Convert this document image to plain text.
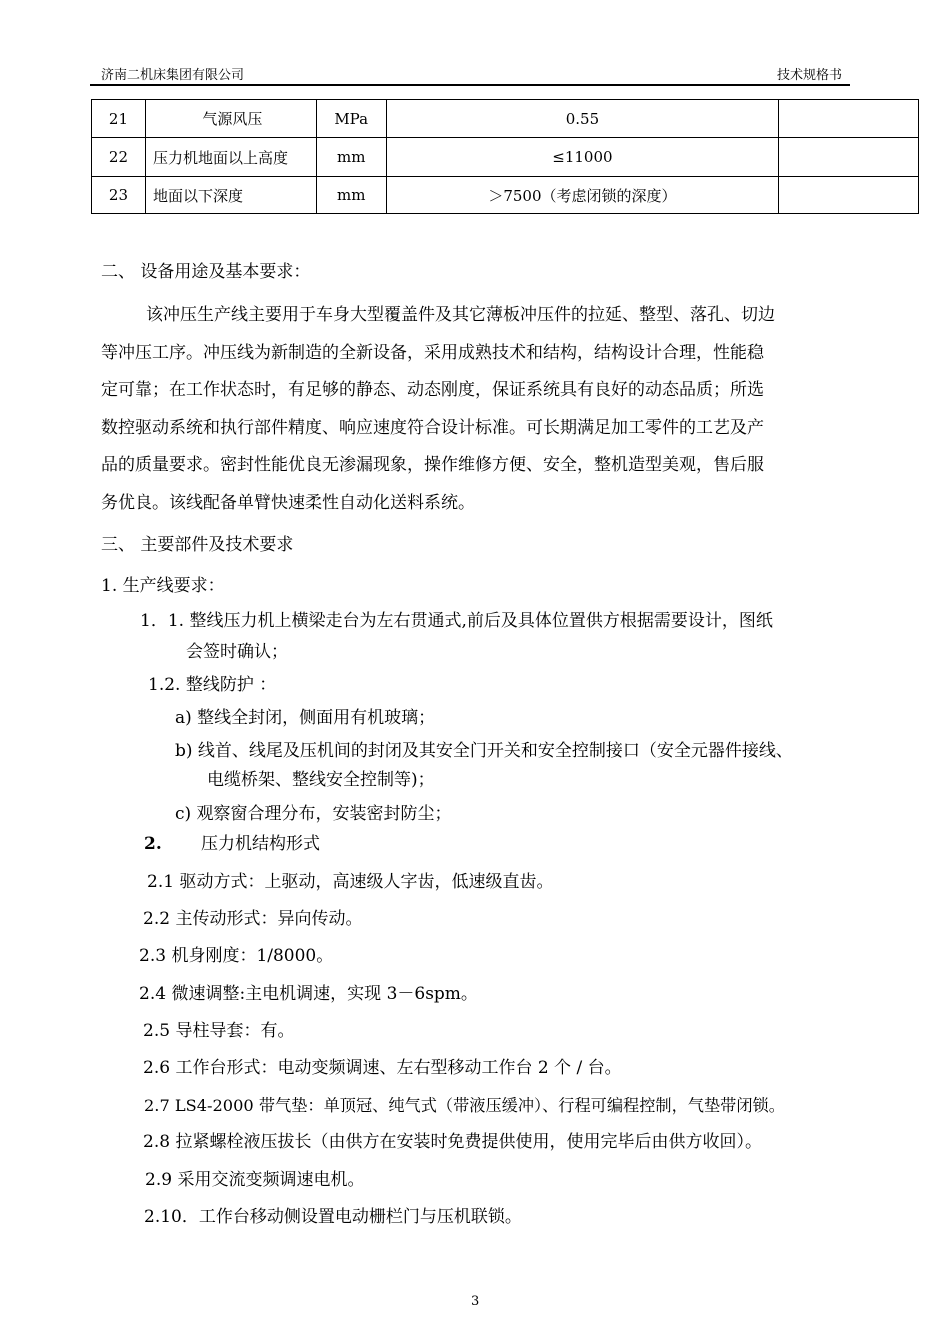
济南二机床集团有限公司	技术规格书
21	气源风压	MPa	0.55	
22	压力机地面以上高度	mm	≤11000	
23	地面以下深度	mm	＞7500（考虑闭锁的深度）	
二、 设备用途及基本要求：
该冲压生产线主要用于车身大型覆盖件及其它薄板冲压件的拉延、整型、落孔、切边
等冲压工序。冲压线为新制造的全新设备，采用成熟技术和结构，结构设计合理，性能稳
定可靠；在工作状态时，有足够的静态、动态刚度，保证系统具有良好的动态品质；所选
数控驱动系统和执行部件精度、响应速度符合设计标准。可长期满足加工零件的工艺及产
品的质量要求。密封性能优良无渗漏现象，操作维修方便、安全，整机造型美观，售后服
务优良。该线配备单臂快速柔性自动化送料系统。
三、 主要部件及技术要求
1. 生产线要求：
1．1. 整线压力机上横梁走台为左右贯通式,前后及具体位置供方根据需要设计，图纸
会签时确认；
1.2. 整线防护 ：
a) 整线全封闭，侧面用有机玻璃；
b) 线首、线尾及压机间的封闭及其安全门开关和安全控制接口（安全元器件接线、
电缆桥架、整线安全控制等)；
c) 观察窗合理分布，安装密封防尘；
2. 压力机结构形式
2.1 驱动方式：上驱动，高速级人字齿，低速级直齿。
2.2 主传动形式：异向传动。
2.3 机身刚度：1/8000。
2.4 微速调整:主电机调速，实现 3－6spm。
2.5 导柱导套：有。
2.6 工作台形式：电动变频调速、左右型移动工作台 2 个 / 台。
2.7 LS4-2000 带气垫：单顶冠、纯气式（带液压缓冲）、行程可编程控制，气垫带闭锁。
2.8 拉紧螺栓液压拔长（由供方在安装时免费提供使用，使用完毕后由供方收回）。
2.9 采用交流变频调速电机。
2.10．工作台移动侧设置电动栅栏门与压机联锁。
3
